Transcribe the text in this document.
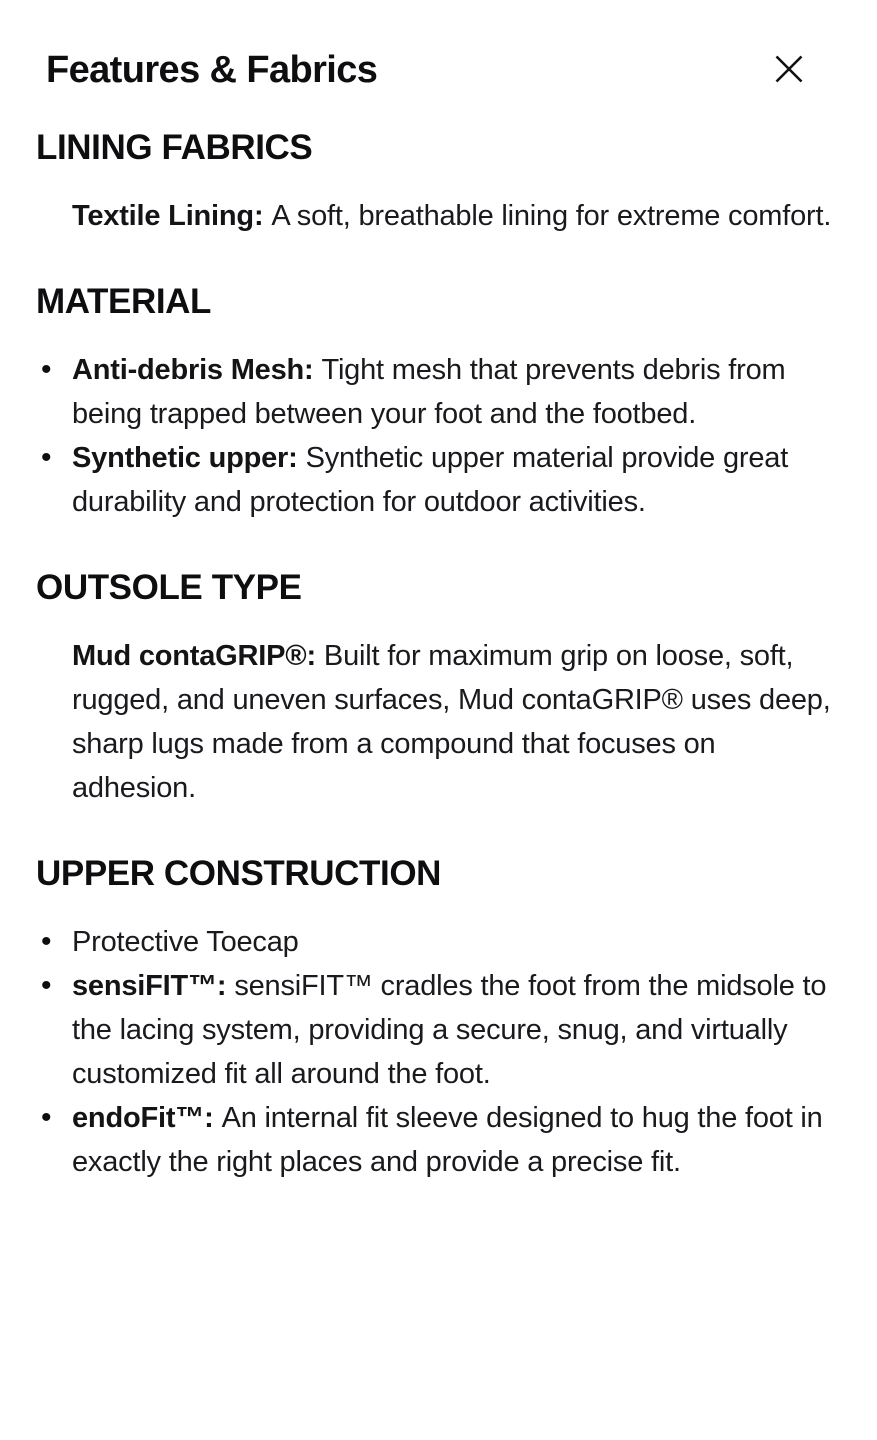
Features & Fabrics
LINING FABRICS
Textile Lining: A soft, breathable lining for extreme comfort.
MATERIAL
• Anti-debris Mesh: Tight mesh that prevents debris from being trapped between your foot and the footbed.
• Synthetic upper: Synthetic upper material provide great durability and protection for outdoor activities.
OUTSOLE TYPE
Mud contaGRIP®: Built for maximum grip on loose, soft, rugged, and uneven surfaces, Mud contaGRIP® uses deep, sharp lugs made from a compound that focuses on adhesion.
UPPER CONSTRUCTION
• Protective Toecap
• sensiFIT™: sensiFIT™ cradles the foot from the midsole to the lacing system, providing a secure, snug, and virtually customized fit all around the foot.
• endoFit™: An internal fit sleeve designed to hug the foot in exactly the right places and provide a precise fit.
